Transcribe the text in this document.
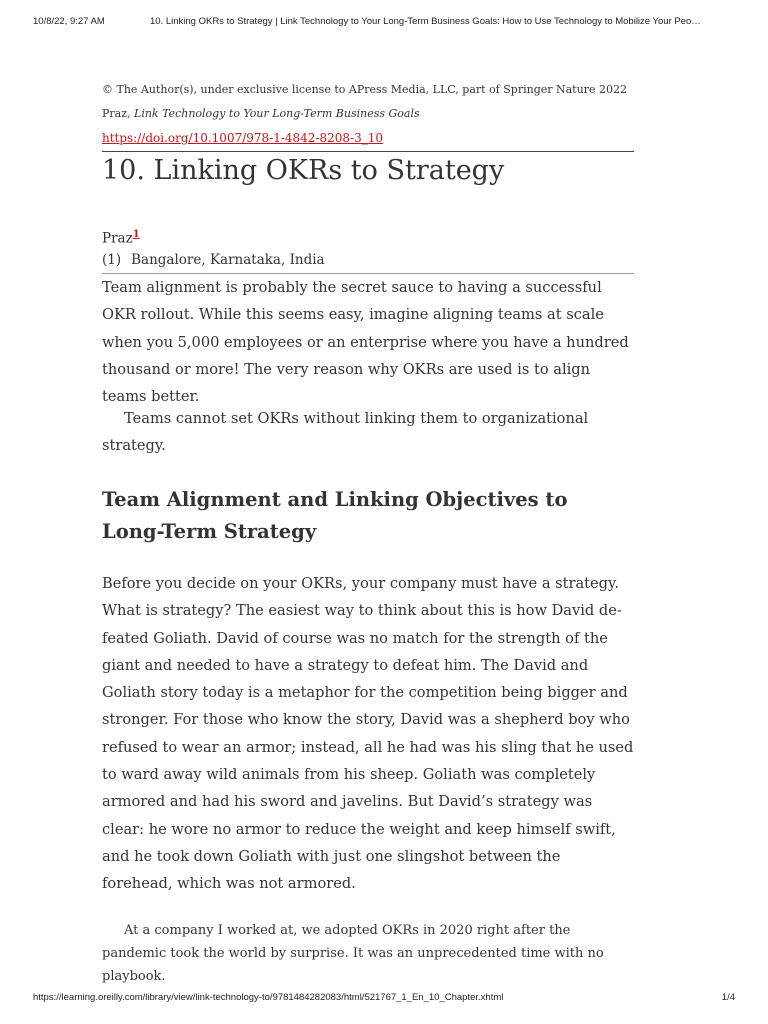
10/8/22, 9:27 AM	10. Linking OKRs to Strategy | Link Technology to Your Long-Term Business Goals: How to Use Technology to Mobilize Your Peo…
© The Author(s), under exclusive license to APress Media, LLC, part of Springer Nature 2022
Praz, Link Technology to Your Long-Term Business Goals
https://doi.org/10.1007/978-1-4842-8208-3_10
10. Linking OKRs to Strategy
Praz$^1$
(1) Bangalore, Karnataka, India

Team alignment is probably the secret sauce to having a successful OKR rollout. While this seems easy, imagine aligning teams at scale when you 5,000 employees or an enterprise where you have a hundred thousand or more! The very reason why OKRs are used is to align teams better.

Teams cannot set OKRs without linking them to organizational strategy.

Team Alignment and Linking Objectives to Long-Term Strategy

Before you decide on your OKRs, your company must have a strategy. What is strategy? The easiest way to think about this is how David defeated Goliath. David of course was no match for the strength of the giant and needed to have a strategy to defeat him. The David and Goliath story today is a metaphor for the competition being bigger and stronger. For those who know the story, David was a shepherd boy who refused to wear an armor; instead, all he had was his sling that he used to ward away wild animals from his sheep. Goliath was completely armored and had his sword and javelins. But David’s strategy was clear: he wore no armor to reduce the weight and keep himself swift, and he took down Goliath with just one slingshot between the forehead, which was not armored.

At a company I worked at, we adopted OKRs in 2020 right after the pandemic took the world by surprise. It was an unprecedented time with no playbook.

https://learning.oreilly.com/library/view/link-technology-to/9781484282083/html/521767_1_En_10_Chapter.xhtml	1/4
